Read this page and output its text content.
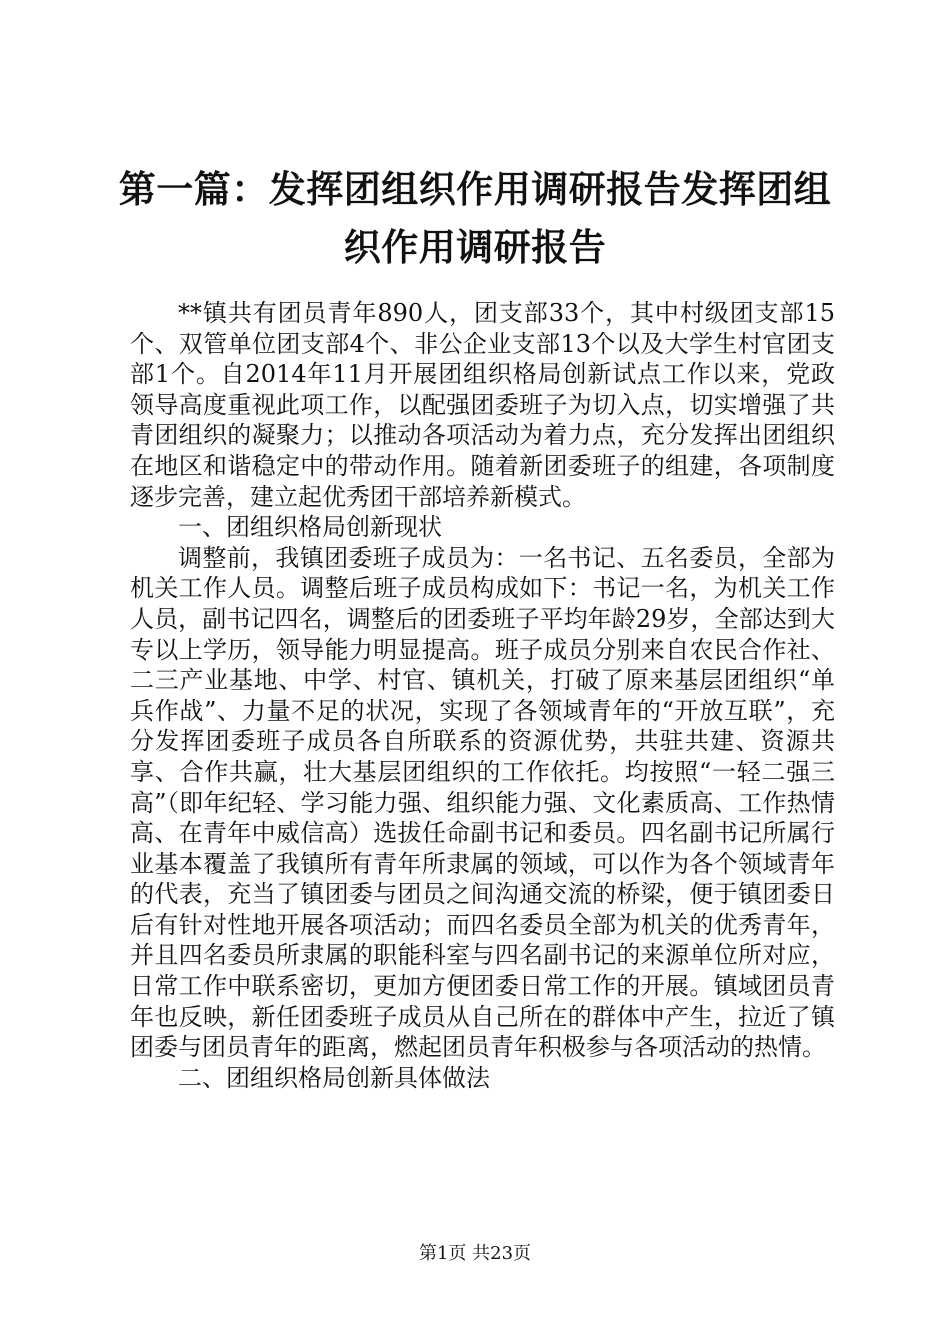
第一篇：发挥团组织作用调研报告发挥团组织作用调研报告

**镇共有团员青年890人，团支部33个，其中村级团支部15个、双管单位团支部4个、非公企业支部13个以及大学生村官团支部1个。自2014年11月开展团组织格局创新试点工作以来，党政领导高度重视此项工作，以配强团委班子为切入点，切实增强了共青团组织的凝聚力；以推动各项活动为着力点，充分发挥出团组织在地区和谐稳定中的带动作用。随着新团委班子的组建，各项制度逐步完善，建立起优秀团干部培养新模式。

一、团组织格局创新现状

调整前，我镇团委班子成员为：一名书记、五名委员，全部为机关工作人员。调整后班子成员构成如下：书记一名，为机关工作人员，副书记四名，调整后的团委班子平均年龄29岁，全部达到大专以上学历，领导能力明显提高。班子成员分别来自农民合作社、二三产业基地、中学、村官、镇机关，打破了原来基层团组织“单兵作战”、力量不足的状况，实现了各领域青年的“开放互联”，充分发挥团委班子成员各自所联系的资源优势，共驻共建、资源共享、合作共赢，壮大基层团组织的工作依托。均按照“一轻二强三高”（即年纪轻、学习能力强、组织能力强、文化素质高、工作热情高、在青年中威信高）选拔任命副书记和委员。四名副书记所属行业基本覆盖了我镇所有青年所隶属的领域，可以作为各个领域青年的代表，充当了镇团委与团员之间沟通交流的桥梁，便于镇团委日后有针对性地开展各项活动；而四名委员全部为机关的优秀青年，并且四名委员所隶属的职能科室与四名副书记的来源单位所对应，日常工作中联系密切，更加方便团委日常工作的开展。镇域团员青年也反映，新任团委班子成员从自己所在的群体中产生，拉近了镇团委与团员青年的距离，燃起团员青年积极参与各项活动的热情。

二、团组织格局创新具体做法

第1页 共23页
